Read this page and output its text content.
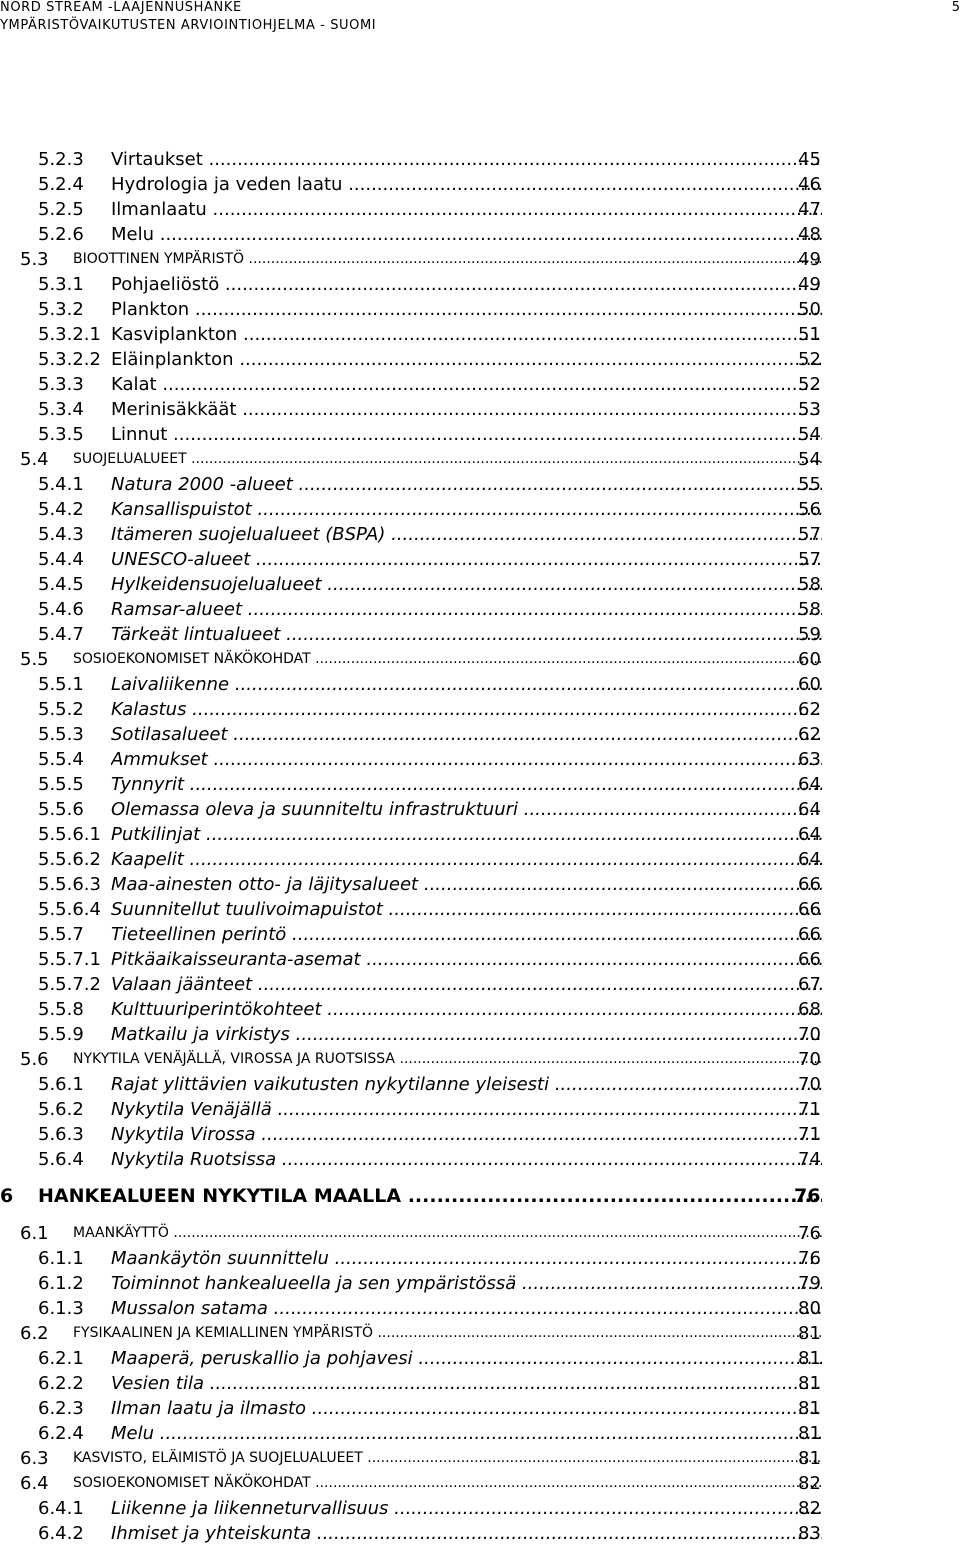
NORD STREAM -LAAJENNUSHANKE
YMPÄRISTÖVAIKUTUSTEN ARVIOINTIOHJELMA - SUOMI
5
5.2.3 Virtaukset .....	45
5.2.4 Hydrologia ja veden laatu .....	46
5.2.5 Ilmanlaatu .....	47
5.2.6 Melu .....	48
5.3 BIOOTTINEN YMPÄRISTÖ .....	49
5.3.1 Pohjaeliöstö .....	49
5.3.2 Plankton .....	50
5.3.2.1 Kasviplankton .....	51
5.3.2.2 Eläinplankton .....	52
5.3.3 Kalat .....	52
5.3.4 Merinisäkkäät .....	53
5.3.5 Linnut .....	54
5.4 SUOJELUALUEET .....	54
5.4.1 Natura 2000 -alueet .....	55
5.4.2 Kansallispuistot .....	56
5.4.3 Itämeren suojelualueet (BSPA) .....	57
5.4.4 UNESCO-alueet .....	57
5.4.5 Hylkeidensuojelualueet .....	58
5.4.6 Ramsar-alueet .....	58
5.4.7 Tärkeät lintualueet .....	59
5.5 SOSIOEKONOMISET NÄKÖKOHDAT .....	60
5.5.1 Laivaliikenne .....	60
5.5.2 Kalastus .....	62
5.5.3 Sotilasalueet .....	62
5.5.4 Ammukset .....	63
5.5.5 Tynnyrit .....	64
5.5.6 Olemassa oleva ja suunniteltu infrastruktuuri .....	64
5.5.6.1 Putkilinjat .....	64
5.5.6.2 Kaapelit .....	64
5.5.6.3 Maa-ainesten otto- ja läjitysalueet .....	66
5.5.6.4 Suunnitellut tuulivoimapuistot .....	66
5.5.7 Tieteellinen perintö .....	66
5.5.7.1 Pitkäaikaisseuranta-asemat .....	66
5.5.7.2 Valaan jäänteet .....	67
5.5.8 Kulttuuriperintökohteet .....	68
5.5.9 Matkailu ja virkistys .....	70
5.6 NYKYTILA VENÄJÄLLÄ, VIROSSA JA RUOTSISSA .....	70
5.6.1 Rajat ylittävien vaikutusten nykytilanne yleisesti .....	70
5.6.2 Nykytila Venäjällä .....	71
5.6.3 Nykytila Virossa .....	71
5.6.4 Nykytila Ruotsissa .....	74
6 HANKEALUEEN NYKYTILA MAALLA .....	76
6.1 MAANKÄYTTÖ .....	76
6.1.1 Maankäytön suunnittelu .....	76
6.1.2 Toiminnot hankealueella ja sen ympäristössä .....	79
6.1.3 Mussalon satama .....	80
6.2 FYSIKAALINEN JA KEMIALLINEN YMPÄRISTÖ .....	81
6.2.1 Maaperä, peruskallio ja pohjavesi .....	81
6.2.2 Vesien tila .....	81
6.2.3 Ilman laatu ja ilmasto .....	81
6.2.4 Melu .....	81
6.3 KASVISTO, ELÄIMISTÖ JA SUOJELUALUEET .....	81
6.4 SOSIOEKONOMISET NÄKÖKOHDAT .....	82
6.4.1 Liikenne ja liikenneturvallisuus .....	82
6.4.2 Ihmiset ja yhteiskunta .....	83
